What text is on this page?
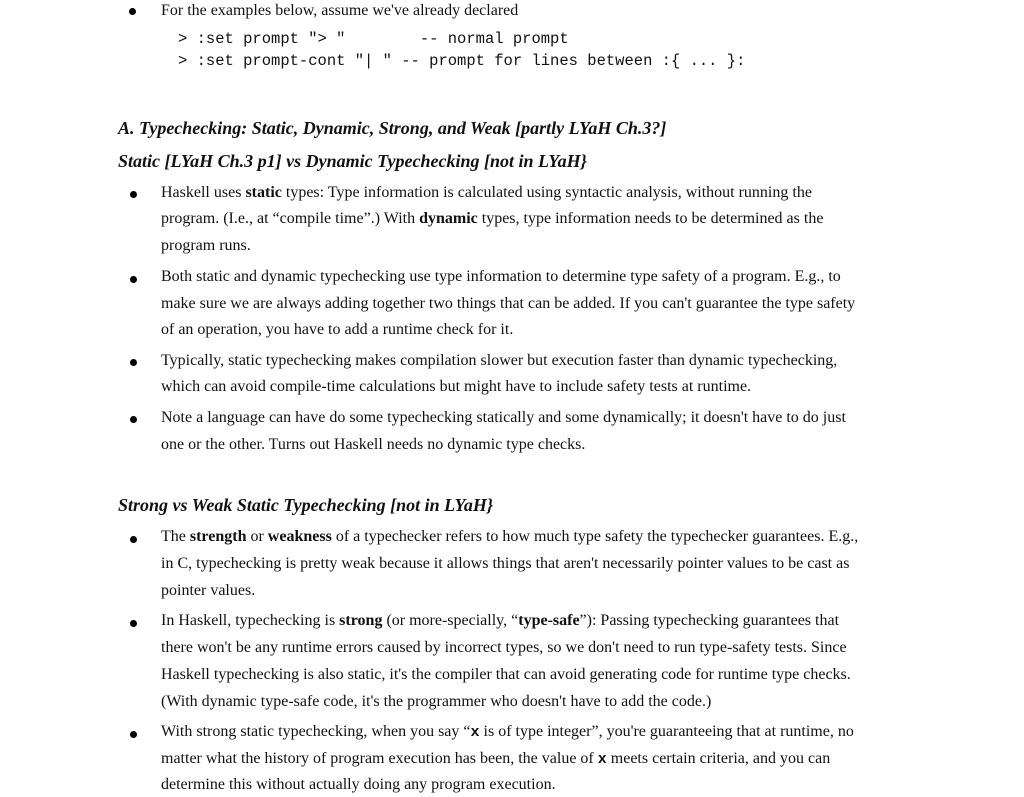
For the examples below, assume we've already declared
> :set prompt "> "        -- normal prompt
> :set prompt-cont "| " -- prompt for lines between :{ ... }:
A. Typechecking: Static, Dynamic, Strong, and Weak [partly LYaH Ch.3?]
Static [LYaH Ch.3 p1] vs Dynamic Typechecking [not in LYaH}
Haskell uses static types: Type information is calculated using syntactic analysis, without running the
program. (I.e., at “compile time”.) With dynamic types, type information needs to be determined as the
program runs.
Both static and dynamic typechecking use type information to determine type safety of a program. E.g., to
make sure we are always adding together two things that can be added. If you can't guarantee the type safety
of an operation, you have to add a runtime check for it.
Typically, static typechecking makes compilation slower but execution faster than dynamic typechecking,
which can avoid compile-time calculations but might have to include safety tests at runtime.
Note a language can have do some typechecking statically and some dynamically; it doesn't have to do just
one or the other. Turns out Haskell needs no dynamic type checks.
Strong vs Weak Static Typechecking [not in LYaH}
The strength or weakness of a typechecker refers to how much type safety the typechecker guarantees. E.g.,
in C, typechecking is pretty weak because it allows things that aren't necessarily pointer values to be cast as
pointer values.
In Haskell, typechecking is strong (or more-specially, “type-safe”): Passing typechecking guarantees that
there won't be any runtime errors caused by incorrect types, so we don't need to run type-safety tests. Since
Haskell typechecking is also static, it's the compiler that can avoid generating code for runtime type checks.
(With dynamic type-safe code, it's the programmer who doesn't have to add the code.)
With strong static typechecking, when you say “x is of type integer”, you're guaranteeing that at runtime, no
matter what the history of program execution has been, the value of x meets certain criteria, and you can
determine this without actually doing any program execution.
